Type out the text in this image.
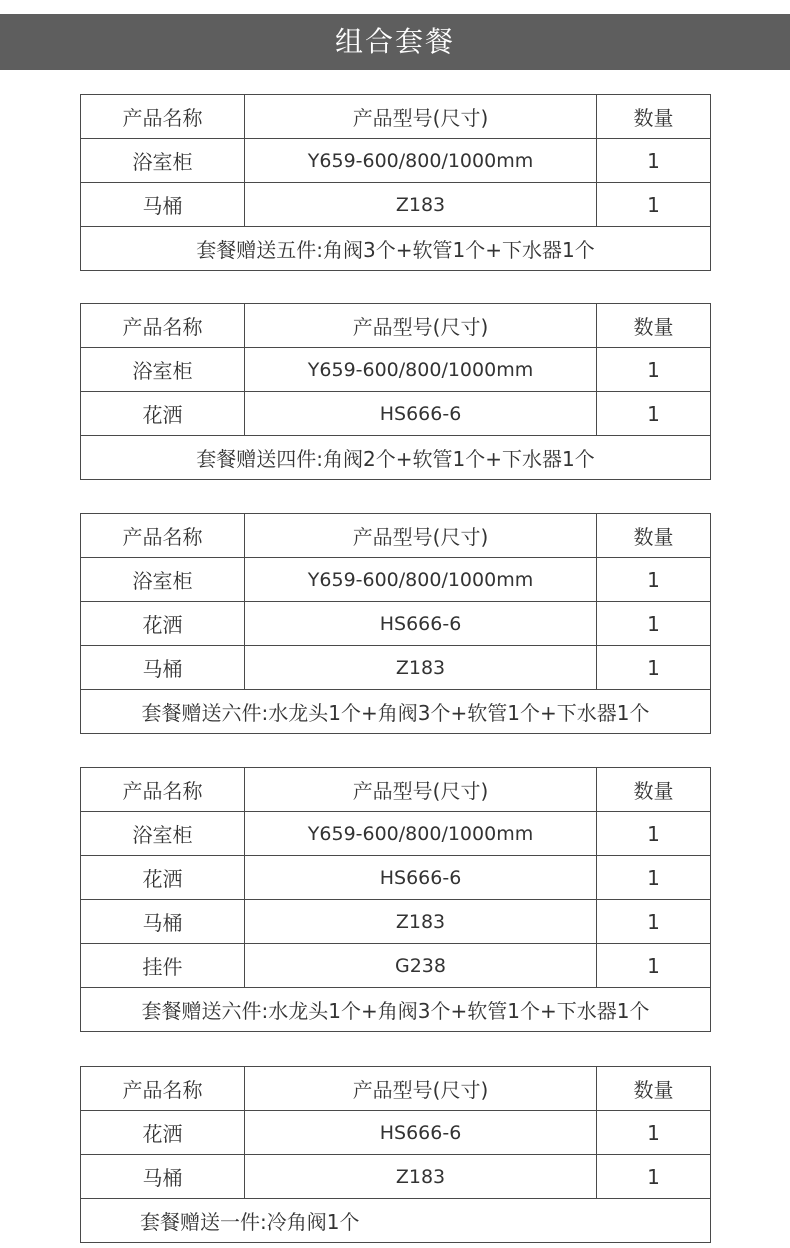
组合套餐
产品名称	产品型号(尺寸)	数量
浴室柜	Y659-600/800/1000mm	1
马桶	Z183	1
套餐赠送五件:角阀3个+软管1个+下水器1个		
产品名称	产品型号(尺寸)	数量
浴室柜	Y659-600/800/1000mm	1
花洒	HS666-6	1
套餐赠送四件:角阀2个+软管1个+下水器1个		
产品名称	产品型号(尺寸)	数量
浴室柜	Y659-600/800/1000mm	1
花洒	HS666-6	1
马桶	Z183	1
套餐赠送六件:水龙头1个+角阀3个+软管1个+下水器1个		
产品名称	产品型号(尺寸)	数量
浴室柜	Y659-600/800/1000mm	1
花洒	HS666-6	1
马桶	Z183	1
挂件	G238	1
套餐赠送六件:水龙头1个+角阀3个+软管1个+下水器1个		
产品名称	产品型号(尺寸)	数量
花洒	HS666-6	1
马桶	Z183	1
套餐赠送一件:冷角阀1个		
